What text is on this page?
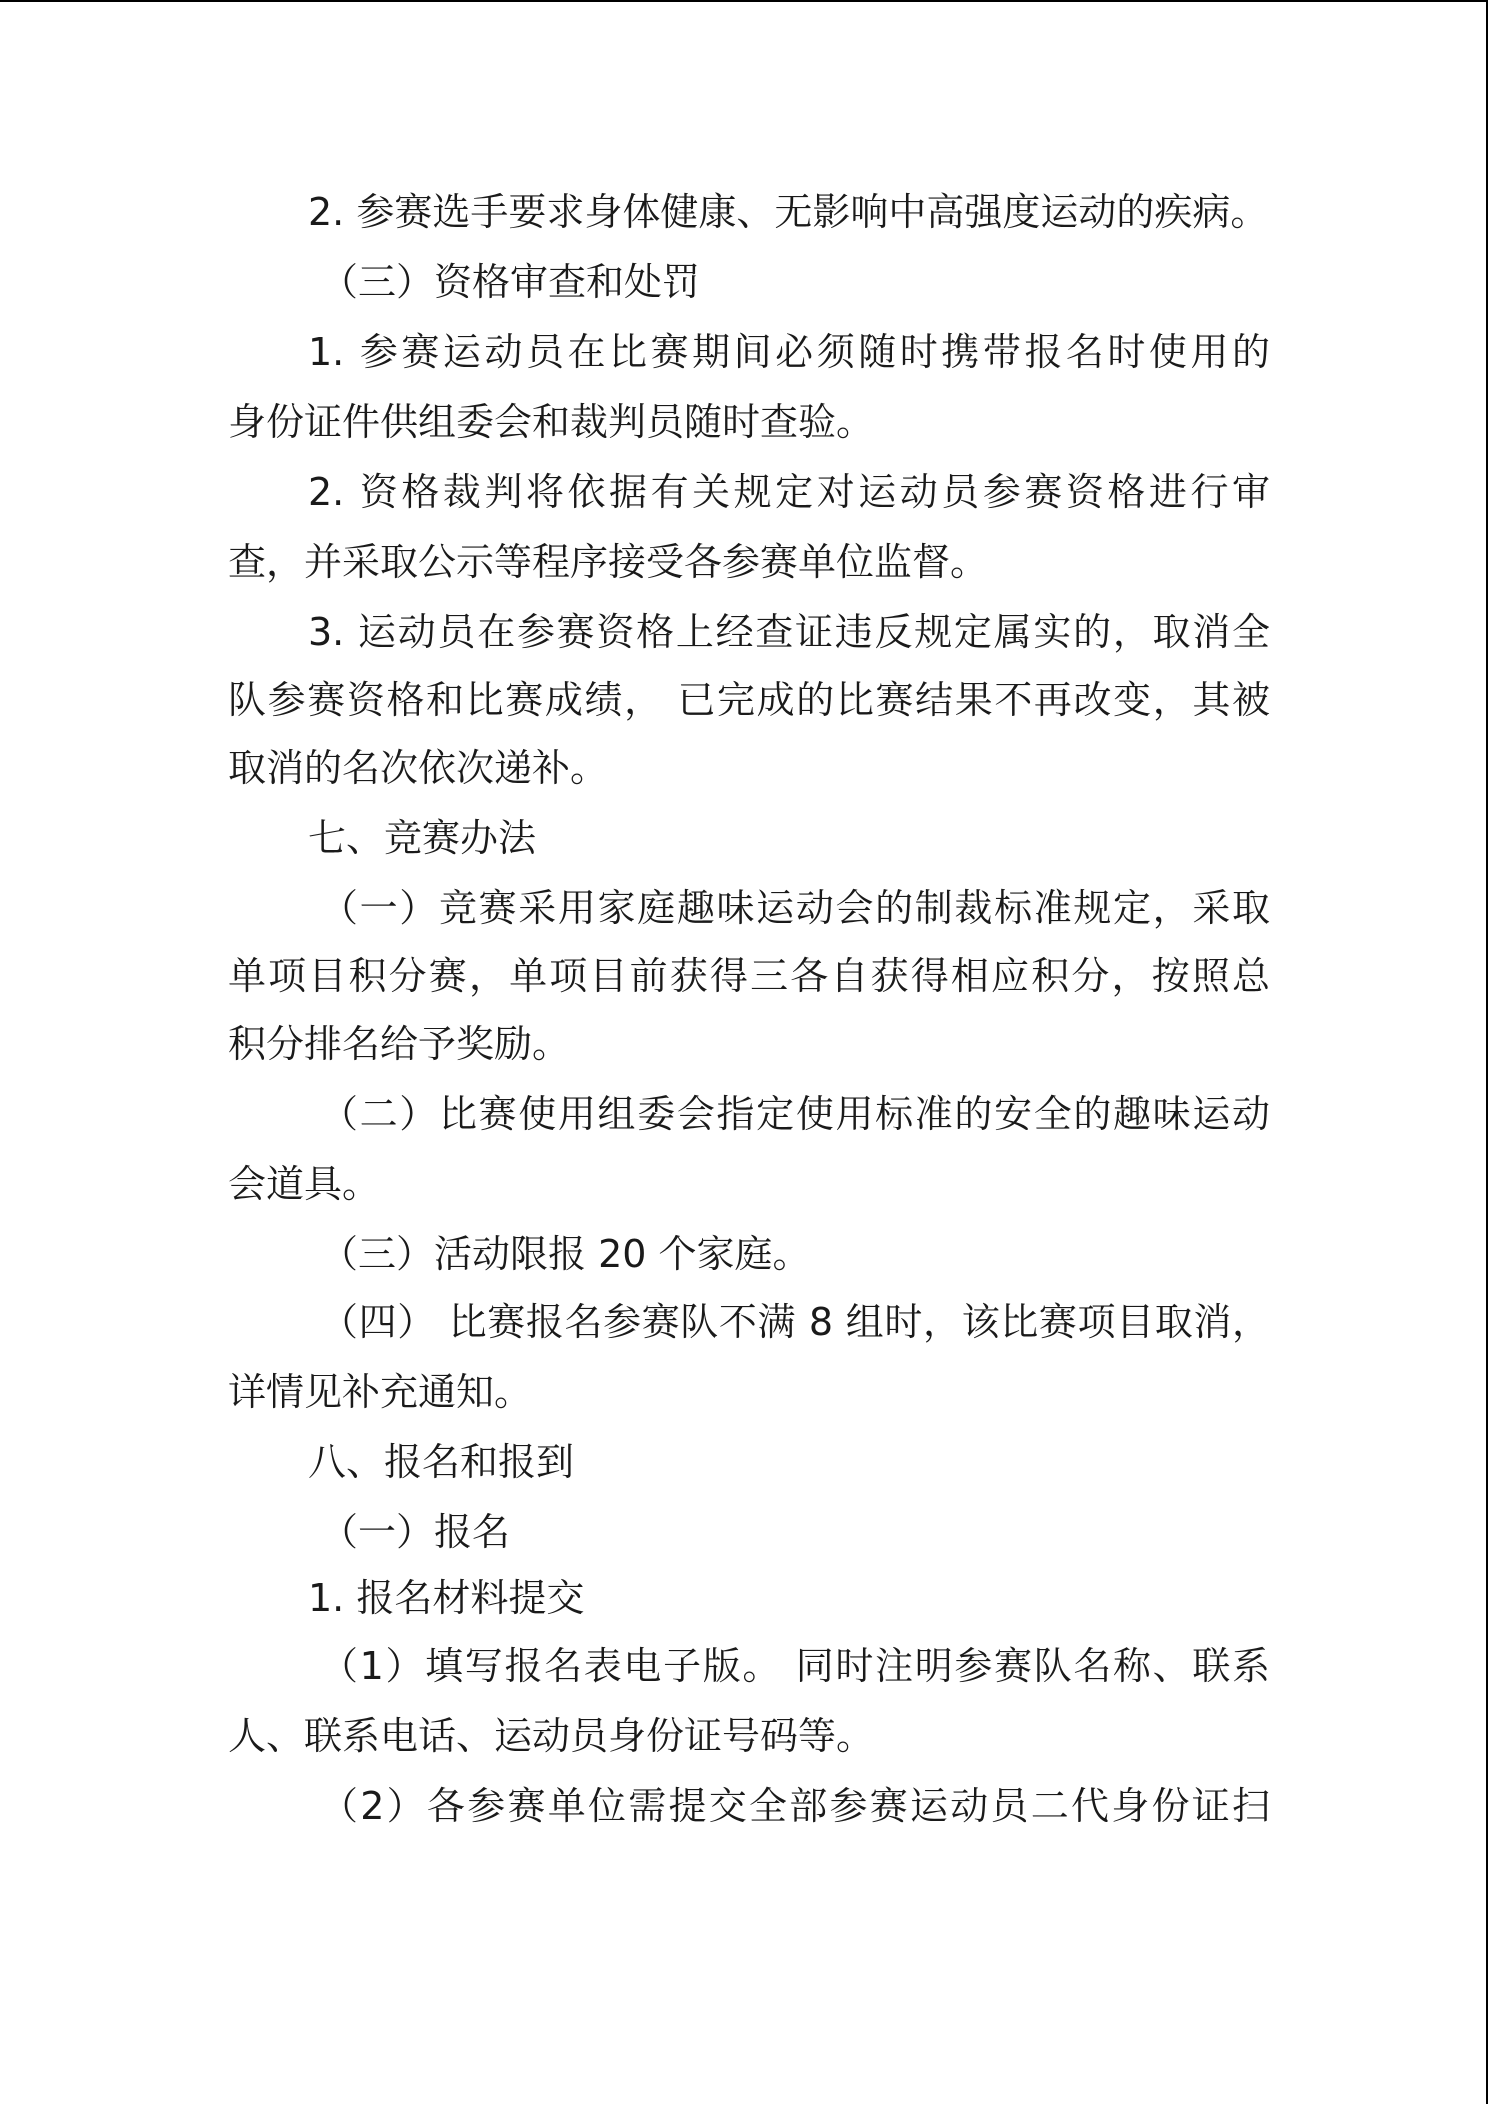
2. 参赛选手要求身体健康、无影响中高强度运动的疾病。
（三）资格审查和处罚
1. 参赛运动员在比赛期间必须随时携带报名时使用的
身份证件供组委会和裁判员随时查验。
2. 资格裁判将依据有关规定对运动员参赛资格进行审
查，并采取公示等程序接受各参赛单位监督。
3. 运动员在参赛资格上经查证违反规定属实的，取消全
队参赛资格和比赛成绩， 已完成的比赛结果不再改变，其被
取消的名次依次递补。
七、竞赛办法
（一）竞赛采用家庭趣味运动会的制裁标准规定，采取
单项目积分赛，单项目前获得三各自获得相应积分，按照总
积分排名给予奖励。
（二）比赛使用组委会指定使用标准的安全的趣味运动
会道具。
（三）活动限报 20 个家庭。
（四） 比赛报名参赛队不满 8 组时，该比赛项目取消，
详情见补充通知。
八、报名和报到
（一）报名
1. 报名材料提交
（1）填写报名表电子版。 同时注明参赛队名称、联系
人、联系电话、运动员身份证号码等。
（2）各参赛单位需提交全部参赛运动员二代身份证扫
